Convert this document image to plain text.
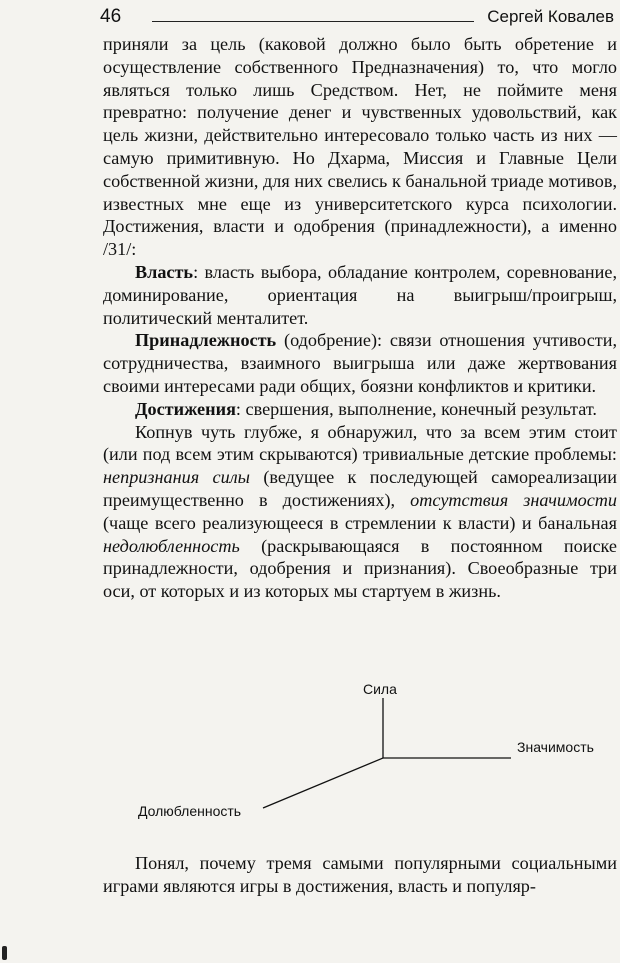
46	Сергей Ковалев

приняли за цель (каковой должно было быть обретение и осуществление собственного Предназначения) то, что могло являться только лишь Средством. Нет, не поймите меня превратно: получение денег и чувственных удовольствий, как цель жизни, действительно интересовало только часть из них — самую примитивную. Но Дхарма, Миссия и Главные Цели собственной жизни, для них свелись к банальной триаде мотивов, известных мне еще из университетского курса психологии. Достижения, власти и одобрения (принадлежности), а именно /31/:

Власть: власть выбора, обладание контролем, соревнование, доминирование, ориентация на выигрыш/проигрыш, политический менталитет.

Принадлежность (одобрение): связи отношения учтивости, сотрудничества, взаимного выигрыша или даже жертвования своими интересами ради общих, боязни конфликтов и критики.

Достижения: свершения, выполнение, конечный результат.

Копнув чуть глубже, я обнаружил, что за всем этим стоит (или под всем этим скрываются) тривиальные детские проблемы: непризнания силы (ведущее к последующей самореализации преимущественно в достижениях), отсутствия значимости (чаще всего реализующееся в стремлении к власти) и банальная недолюбленность (раскрывающаяся в постоянном поиске принадлежности, одобрения и признания). Своеобразные три оси, от которых и из которых мы стартуем в жизнь.

Сила
Значимость
Долюбленность

Понял, почему тремя самыми популярными социальными играми являются игры в достижения, власть и популяр-
